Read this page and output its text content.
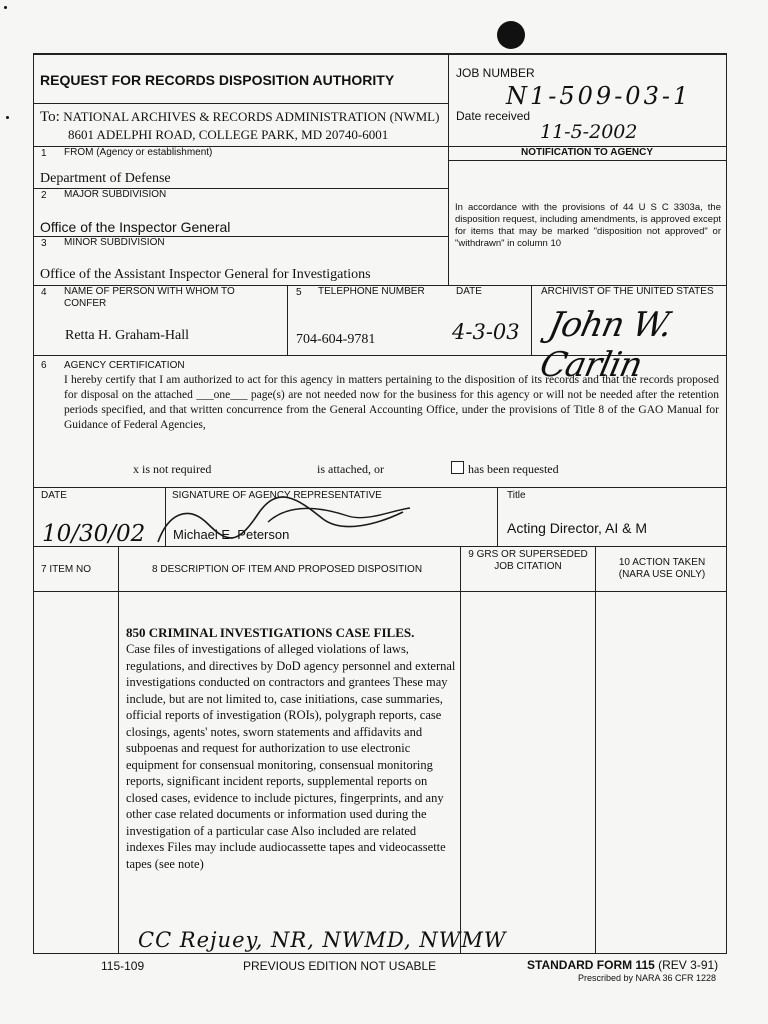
REQUEST FOR RECORDS DISPOSITION AUTHORITY	JOB NUMBER
N1-509-03-1
To: NATIONAL ARCHIVES & RECORDS ADMINISTRATION (NWML)
8601 ADELPHI ROAD, COLLEGE PARK, MD 20740-6001
Date received
11-5-2002
1 FROM (Agency or establishment)
Department of Defense
NOTIFICATION TO AGENCY
2 MAJOR SUBDIVISION
Office of the Inspector General
In accordance with the provisions of 44 U S C 3303a, the disposition request, including amendments, is approved except for items that may be marked "disposition not approved" or "withdrawn" in column 10
3 MINOR SUBDIVISION
Office of the Assistant Inspector General for Investigations
4 NAME OF PERSON WITH WHOM TO CONFER
Retta H. Graham-Hall
5 TELEPHONE NUMBER
704-604-9781
DATE
4-3-03
ARCHIVIST OF THE UNITED STATES
John W. Carlin
6 AGENCY CERTIFICATION
I hereby certify that I am authorized to act for this agency in matters pertaining to the disposition of its records and that the records proposed for disposal on the attached ___one___ page(s) are not needed now for the business for this agency or will not be needed after the retention periods specified, and that written concurrence from the General Accounting Office, under the provisions of Title 8 of the GAO Manual for Guidance of Federal Agencies,
x is not required	is attached, or	has been requested
DATE
10/30/02
SIGNATURE OF AGENCY REPRESENTATIVE
Michael E. Peterson
Title
Acting Director, AI & M
7 ITEM NO	8 DESCRIPTION OF ITEM AND PROPOSED DISPOSITION
9 GRS OR SUPERSEDED JOB CITATION	10 ACTION TAKEN (NARA USE ONLY)
850 CRIMINAL INVESTIGATIONS CASE FILES.
Case files of investigations of alleged violations of laws, regulations, and directives by DoD agency personnel and external investigations conducted on contractors and grantees These may include, but are not limited to, case initiations, case summaries, official reports of investigation (ROIs), polygraph reports, case closings, agents' notes, sworn statements and affidavits and subpoenas and request for authorization to use electronic equipment for consensual monitoring, consensual monitoring reports, significant incident reports, supplemental reports on closed cases, evidence to include pictures, fingerprints, and any other case related documents or information used during the investigation of a particular case Also included are related indexes Files may include audiocassette tapes and videocassette tapes (see note)
CC Rejuey, NR, NWMD, NWMW
115-109	PREVIOUS EDITION NOT USABLE	STANDARD FORM 115 (REV 3-91)
Prescribed by NARA 36 CFR 1228
